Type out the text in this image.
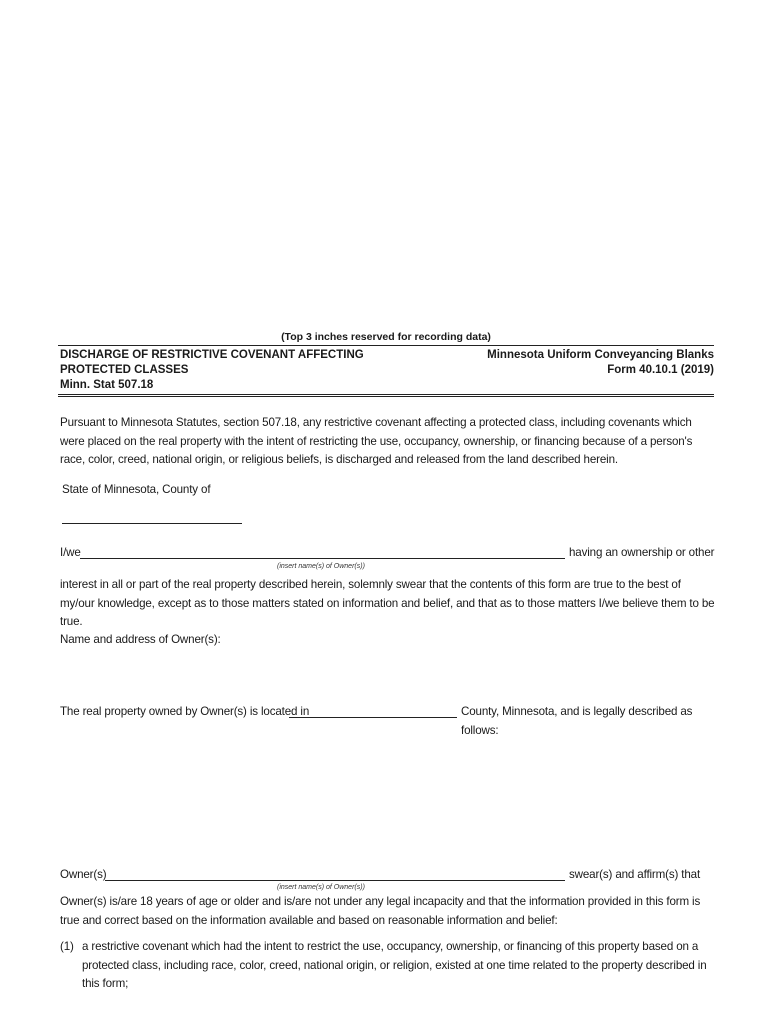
(Top 3 inches reserved for recording data)
DISCHARGE OF RESTRICTIVE COVENANT AFFECTING
PROTECTED CLASSES
Minn. Stat 507.18
Minnesota Uniform Conveyancing Blanks
Form 40.10.1 (2019)
Pursuant to Minnesota Statutes, section 507.18, any restrictive covenant affecting a protected class, including covenants which were placed on the real property with the intent of restricting the use, occupancy, ownership, or financing because of a person's race, color, creed, national origin, or religious beliefs, is discharged and released from the land described herein.
State of Minnesota, County of
I/we	having an ownership or other
(insert name(s) of Owner(s))
interest in all or part of the real property described herein, solemnly swear that the contents of this form are true to the best of my/our knowledge, except as to those matters stated on information and belief, and that as to those matters I/we believe them to be true.
Name and address of Owner(s):
The real property owned by Owner(s) is located in	County, Minnesota, and is legally described as follows:
Owner(s)	swear(s) and affirm(s) that
(insert name(s) of Owner(s))
Owner(s) is/are 18 years of age or older and is/are not under any legal incapacity and that the information provided in this form is true and correct based on the information available and based on reasonable information and belief:
(1) a restrictive covenant which had the intent to restrict the use, occupancy, ownership, or financing of this property based on a protected class, including race, color, creed, national origin, or religion, existed at one time related to the property described in this form;
